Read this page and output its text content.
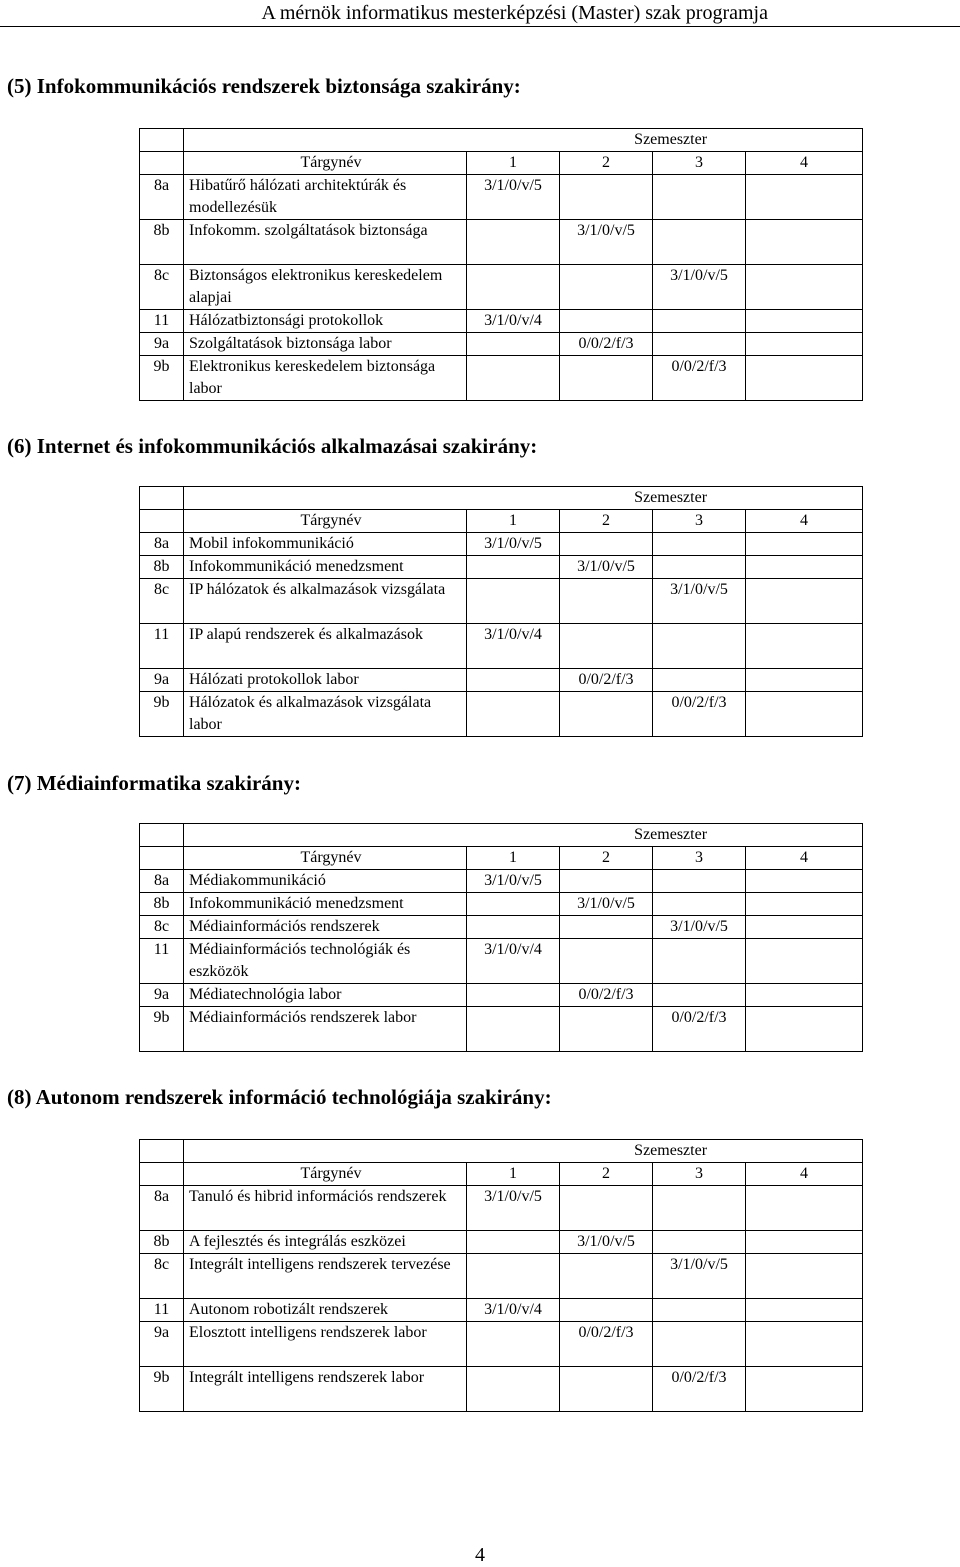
A mérnök informatikus mesterképzési (Master) szak programja
(5) Infokommunikációs rendszerek biztonsága szakirány:
	Szemeszter				
	Tárgynév	1	2	3	4
8a	Hibatűrő hálózati architektúrák és modellezésük	3/1/0/v/5			
8b	Infokomm. szolgáltatások biztonsága		3/1/0/v/5		
8c	Biztonságos elektronikus kereskedelem alapjai			3/1/0/v/5	
11	Hálózatbiztonsági protokollok	3/1/0/v/4			
9a	Szolgáltatások biztonsága labor		0/0/2/f/3		
9b	Elektronikus kereskedelem biztonsága labor			0/0/2/f/3	
(6) Internet és infokommunikációs alkalmazásai szakirány:
	Szemeszter				
	Tárgynév	1	2	3	4
8a	Mobil infokommunikáció	3/1/0/v/5			
8b	Infokommunikáció menedzsment		3/1/0/v/5		
8c	IP hálózatok és alkalmazások vizsgálata			3/1/0/v/5	
11	IP alapú rendszerek és alkalmazások	3/1/0/v/4			
9a	Hálózati protokollok labor		0/0/2/f/3		
9b	Hálózatok és alkalmazások vizsgálata labor			0/0/2/f/3	
(7) Médiainformatika szakirány:
	Szemeszter				
	Tárgynév	1	2	3	4
8a	Médiakommunikáció	3/1/0/v/5			
8b	Infokommunikáció menedzsment		3/1/0/v/5		
8c	Médiainformációs rendszerek			3/1/0/v/5	
11	Médiainformációs technológiák és eszközök	3/1/0/v/4			
9a	Médiatechnológia labor		0/0/2/f/3		
9b	Médiainformációs rendszerek labor			0/0/2/f/3	
(8) Autonom rendszerek információ technológiája szakirány:
	Szemeszter				
	Tárgynév	1	2	3	4
8a	Tanuló és hibrid információs rendszerek	3/1/0/v/5			
8b	A fejlesztés és integrálás eszközei		3/1/0/v/5		
8c	Integrált intelligens rendszerek tervezése			3/1/0/v/5	
11	Autonom robotizált rendszerek	3/1/0/v/4			
9a	Elosztott intelligens rendszerek labor		0/0/2/f/3		
9b	Integrált intelligens rendszerek labor			0/0/2/f/3	
4
